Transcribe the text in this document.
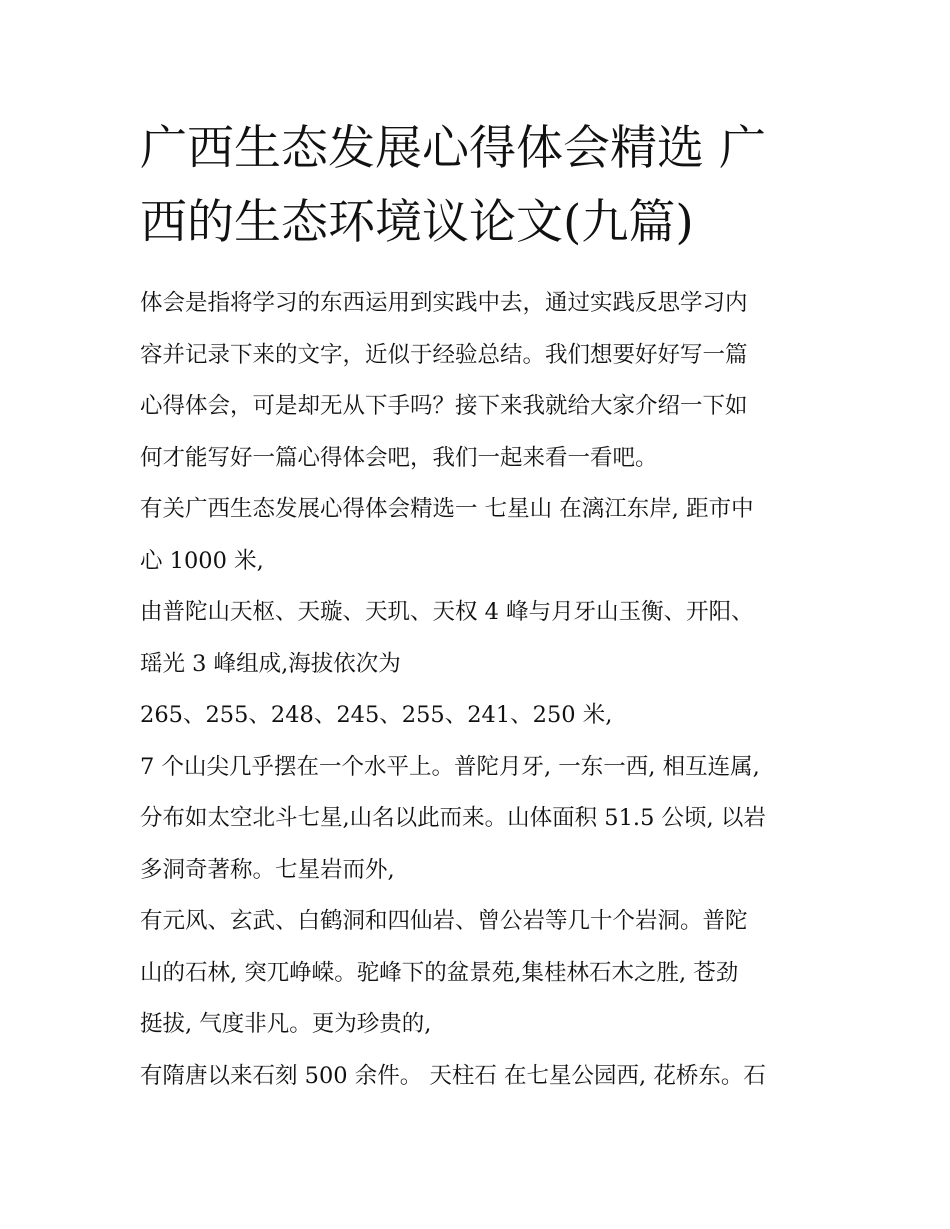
广西生态发展心得体会精选 广
西的生态环境议论文(九篇)
体会是指将学习的东西运用到实践中去，通过实践反思学习内
容并记录下来的文字，近似于经验总结。我们想要好好写一篇
心得体会，可是却无从下手吗？接下来我就给大家介绍一下如
何才能写好一篇心得体会吧，我们一起来看一看吧。
有关广西生态发展心得体会精选一 七星山 在漓江东岸, 距市中
心 1000 米,
由普陀山天枢、天璇、天玑、天权 4 峰与月牙山玉衡、开阳、
瑶光 3 峰组成,海拔依次为
265、255、248、245、255、241、250 米,
7 个山尖几乎摆在一个水平上。普陀月牙, 一东一西, 相互连属,
分布如太空北斗七星,山名以此而来。山体面积 51.5 公顷, 以岩
多洞奇著称。七星岩而外,
有元风、玄武、白鹤洞和四仙岩、曾公岩等几十个岩洞。普陀
山的石林, 突兀峥嵘。驼峰下的盆景苑,集桂林石木之胜, 苍劲
挺拔, 气度非凡。更为珍贵的,
有隋唐以来石刻 500 余件。 天柱石 在七星公园西, 花桥东。石
